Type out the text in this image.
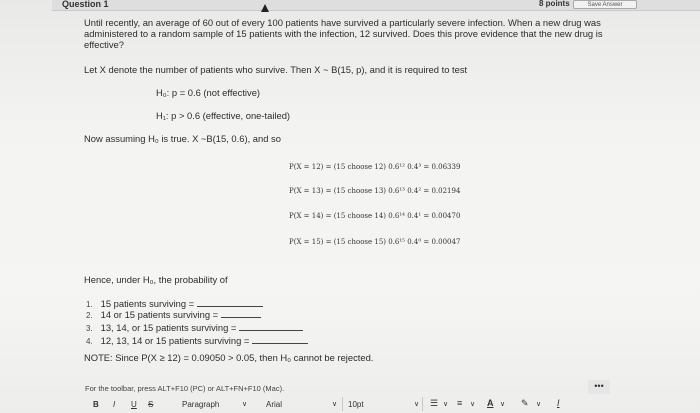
Question 1	8 points	Save Answer
Until recently, an average of 60 out of every 100 patients have survived a particularly severe infection. When a new drug was
administered to a random sample of 15 patients with the infection, 12 survived. Does this prove evidence that the new drug is
effective?
Let X denote the number of patients who survive. Then X ~ B(15, p), and it is required to test
H₀: p = 0.6 (not effective)
H₁: p > 0.6 (effective, one-tailed)
Now assuming H₀ is true. X ~B(15, 0.6), and so
P(X = 12) = (15 choose 12) 0.6¹² 0.4³ = 0.06339
P(X = 13) = (15 choose 13) 0.6¹³ 0.4² = 0.02194
P(X = 14) = (15 choose 14) 0.6¹⁴ 0.4¹ = 0.00470
P(X = 15) = (15 choose 15) 0.6¹⁵ 0.4⁰ = 0.00047
Hence, under H₀, the probability of
1. 15 patients surviving =
2. 14 or 15 patients surviving =
3. 13, 14, or 15 patients surviving =
4. 12, 13, 14 or 15 patients surviving =
NOTE: Since P(X ≥ 12) = 0.09050 > 0.05, then H₀ cannot be rejected.
For the toolbar, press ALT+F10 (PC) or ALT+FN+F10 (Mac).	•••
B I U S	Paragraph	∨ Arial	∨ 10pt	∨ ☰ ∨ ≡ ∨ A ∨ ✎ ∨ I
